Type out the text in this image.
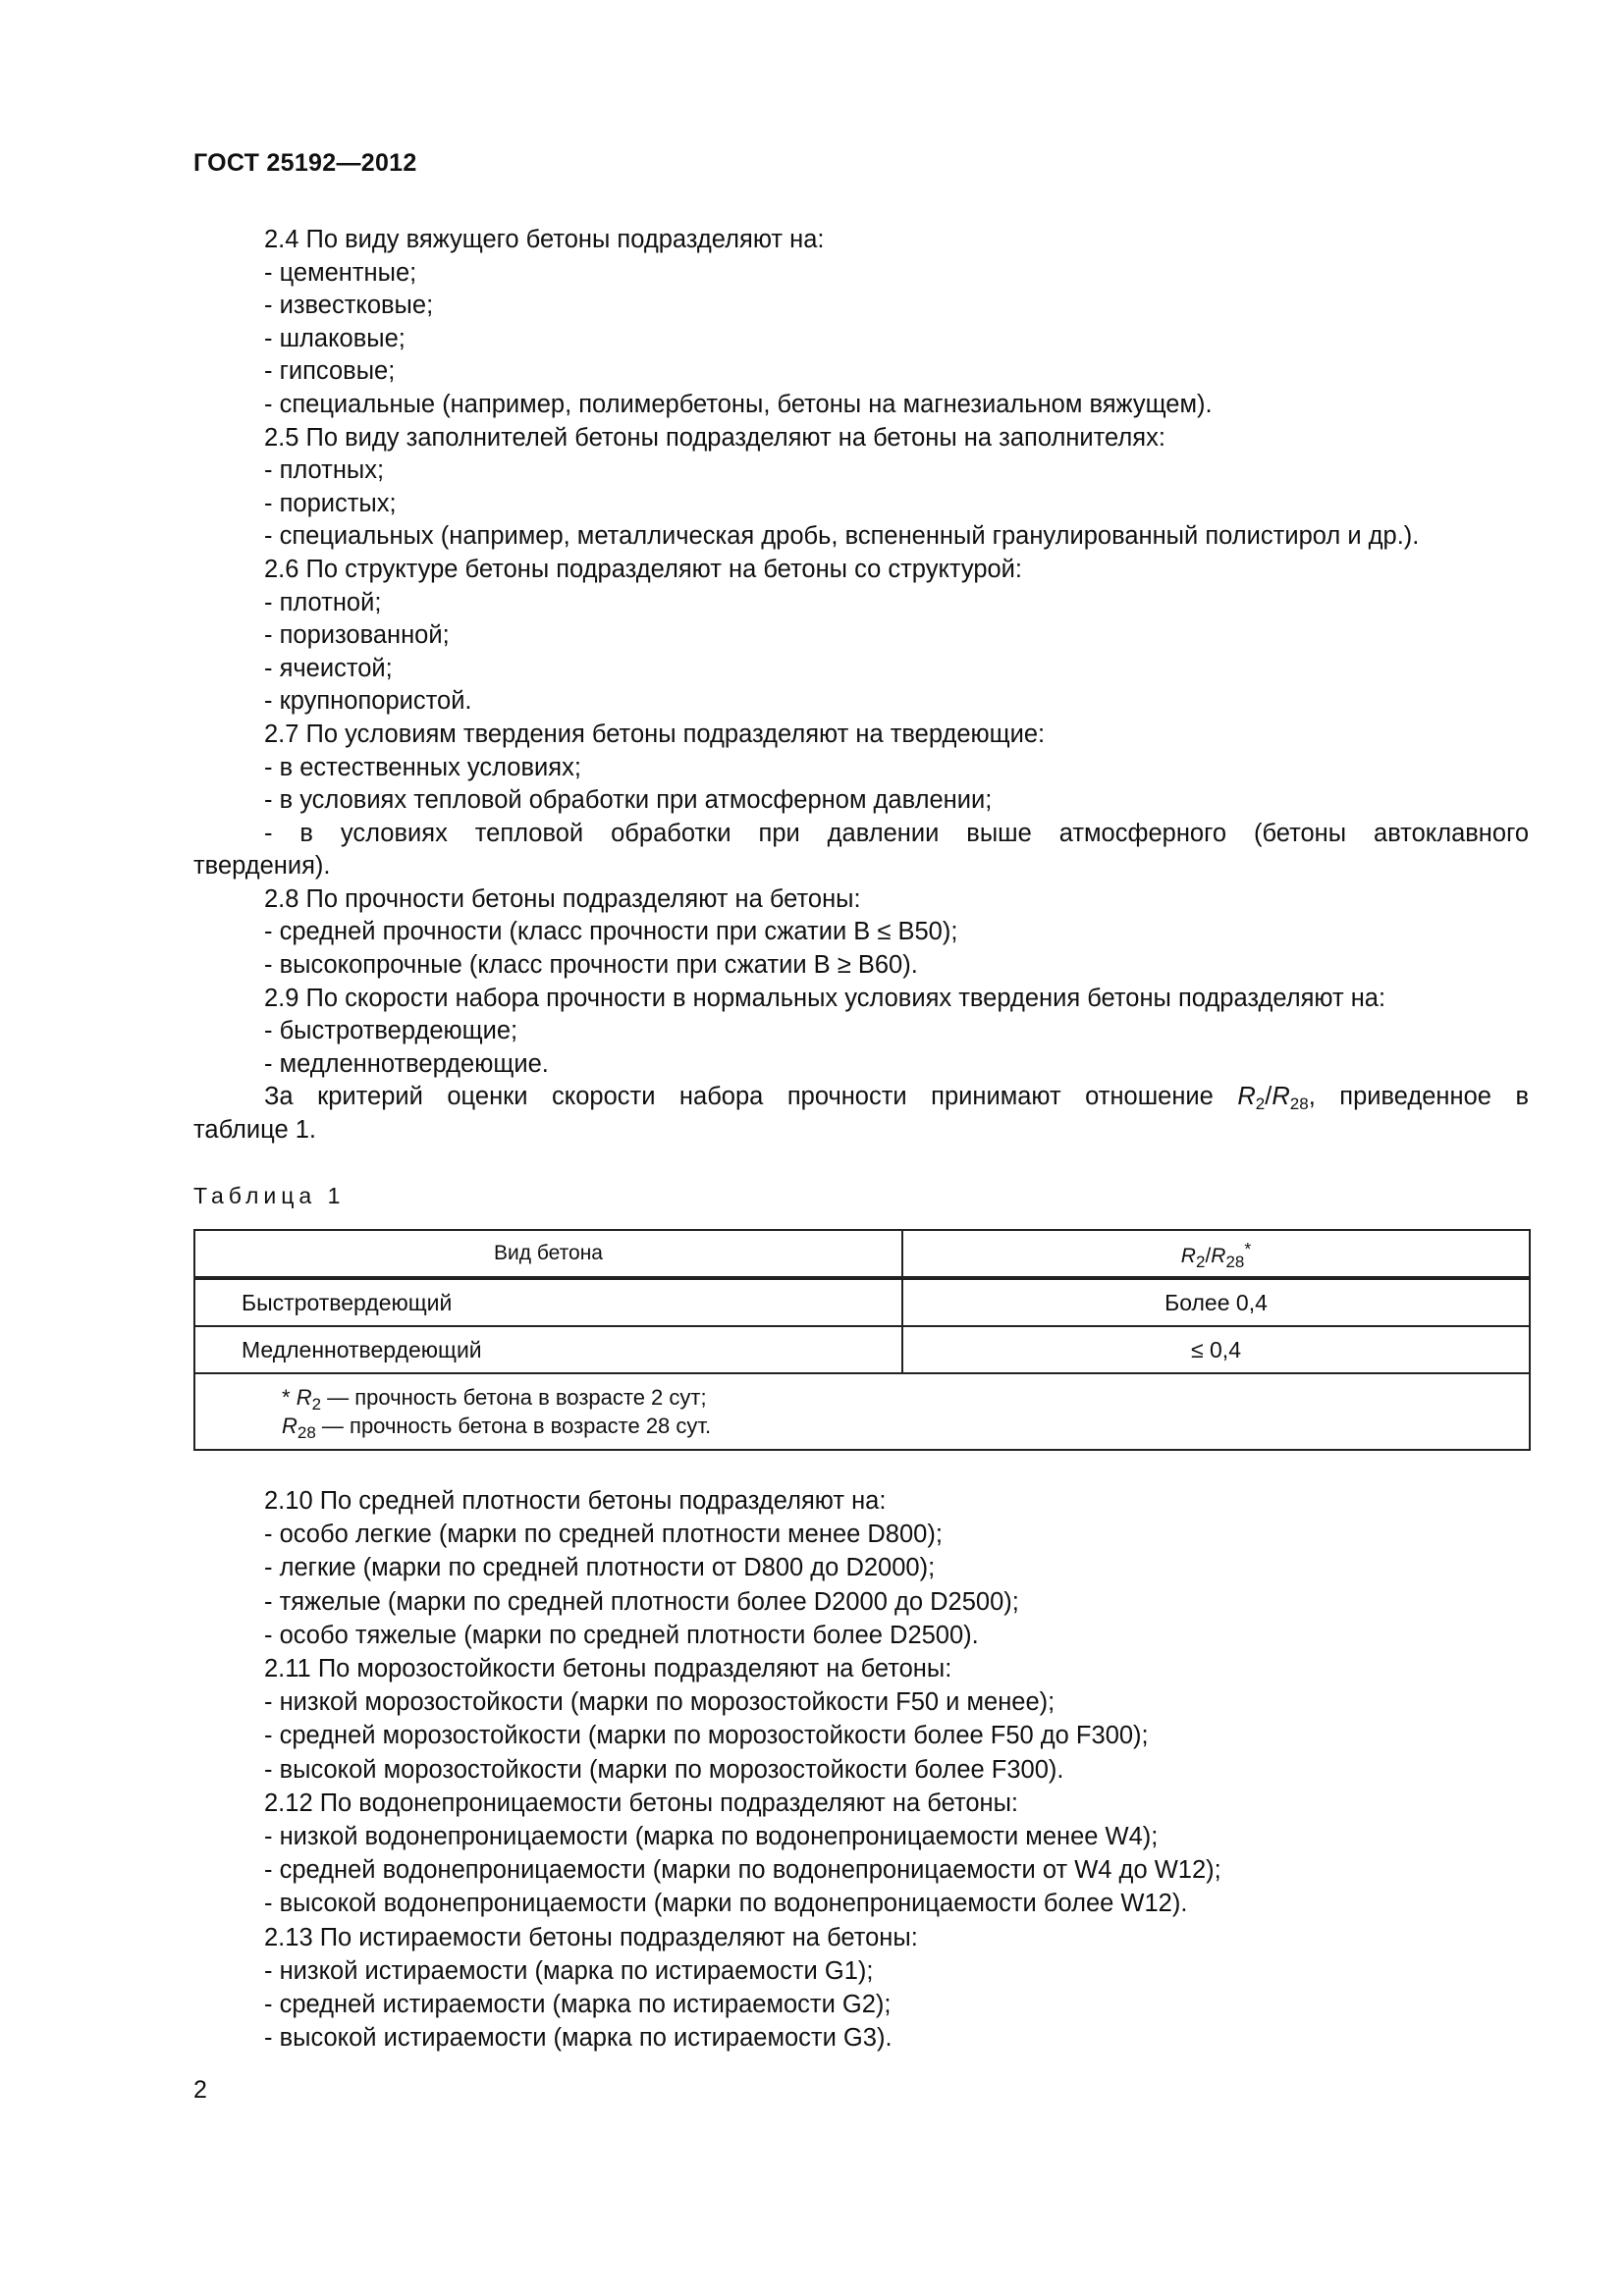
ГОСТ 25192—2012

2.4 По виду вяжущего бетоны подразделяют на:

- цементные;

- известковые;

- шлаковые;

- гипсовые;

- специальные (например, полимербетоны, бетоны на магнезиальном вяжущем).

2.5 По виду заполнителей бетоны подразделяют на бетоны на заполнителях:

- плотных;

- пористых;

- специальных (например, металлическая дробь, вспененный гранулированный полистирол и др.).

2.6 По структуре бетоны подразделяют на бетоны со структурой:

- плотной;

- поризованной;

- ячеистой;

- крупнопористой.

2.7 По условиям твердения бетоны подразделяют на твердеющие:

- в естественных условиях;

- в условиях тепловой обработки при атмосферном давлении;

- в условиях тепловой обработки при давлении выше атмосферного (бетоны автоклавного

твердения).

2.8 По прочности бетоны подразделяют на бетоны:

- средней прочности (класс прочности при сжатии В ≤ В50);

- высокопрочные (класс прочности при сжатии В ≥ В60).

2.9 По скорости набора прочности в нормальных условиях твердения бетоны подразделяют на:

- быстротвердеющие;

- медленнотвердеющие.

За критерий оценки скорости набора прочности принимают отношение $R_2/R_{28}$, приведенное в

таблице 1.

Таблица 1
Вид бетона	$R_2/R_{28}^*$
Быстротвердеющий	Более 0,4
Медленнотвердеющий	≤ 0,4

* $R_2$ — прочность бетона в возрасте 2 сут;
$R_{28}$ — прочность бетона в возрасте 28 сут.	

2.10 По средней плотности бетоны подразделяют на:

- особо легкие (марки по средней плотности менее D800);

- легкие (марки по средней плотности от D800 до D2000);

- тяжелые (марки по средней плотности более D2000 до D2500);

- особо тяжелые (марки по средней плотности более D2500).

2.11 По морозостойкости бетоны подразделяют на бетоны:

- низкой морозостойкости (марки по морозостойкости F50 и менее);

- средней морозостойкости (марки по морозостойкости более F50 до F300);

- высокой морозостойкости (марки по морозостойкости более F300).

2.12 По водонепроницаемости бетоны подразделяют на бетоны:

- низкой водонепроницаемости (марка по водонепроницаемости менее W4);

- средней водонепроницаемости (марки по водонепроницаемости от W4 до W12);

- высокой водонепроницаемости (марки по водонепроницаемости более W12).

2.13 По истираемости бетоны подразделяют на бетоны:

- низкой истираемости (марка по истираемости G1);

- средней истираемости (марка по истираемости G2);

- высокой истираемости (марка по истираемости G3).

2
